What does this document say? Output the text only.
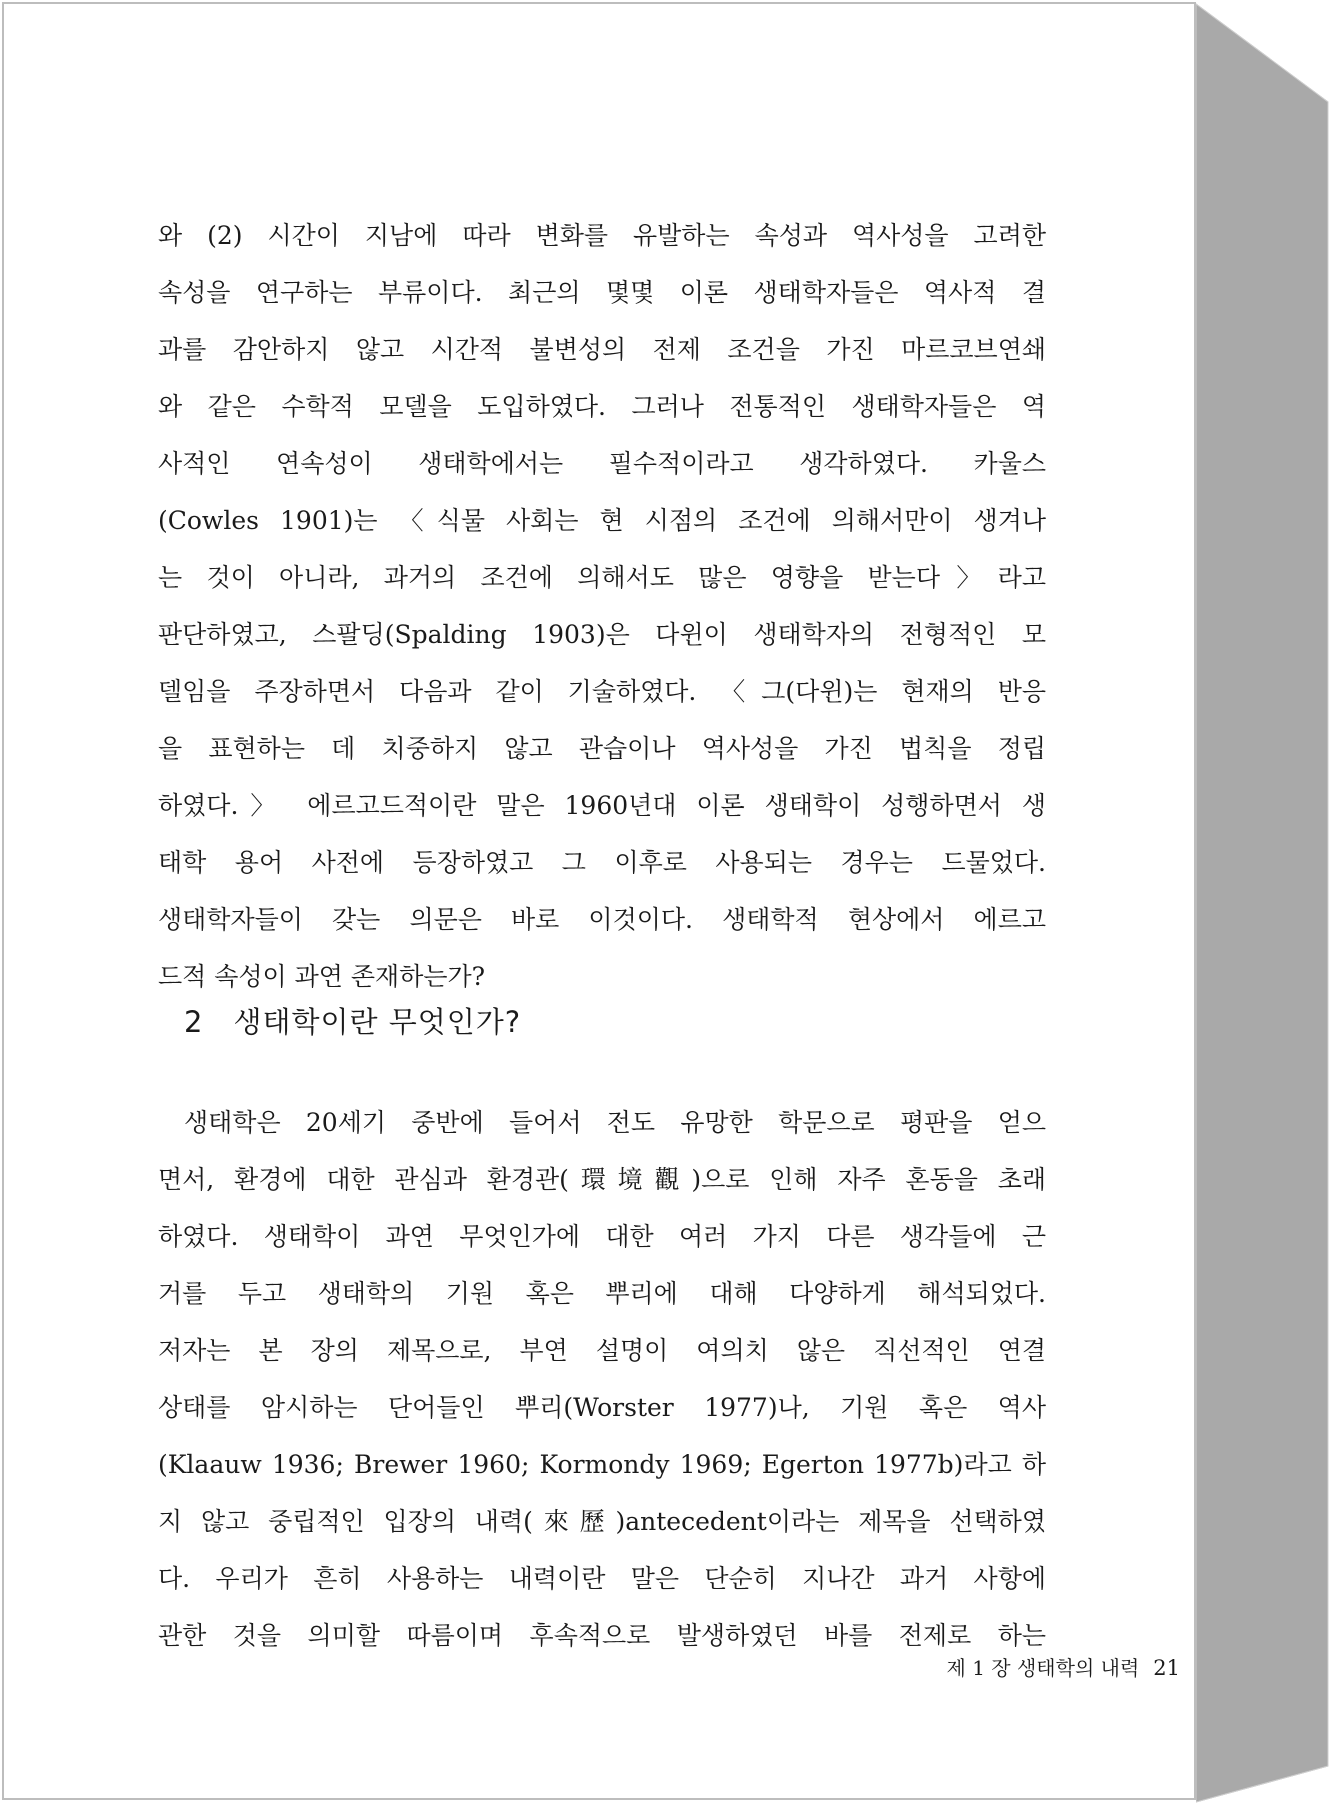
와 (2) 시간이 지남에 따라 변화를 유발하는 속성과 역사성을 고려한
속성을 연구하는 부류이다. 최근의 몇몇 이론 생태학자들은 역사적 결
과를 감안하지 않고 시간적 불변성의 전제 조건을 가진 마르코브연쇄
와 같은 수학적 모델을 도입하였다. 그러나 전통적인 생태학자들은 역
사적인 연속성이 생태학에서는 필수적이라고 생각하였다. 카울스
(Cowles 1901)는 〈식물 사회는 현 시점의 조건에 의해서만이 생겨나
는 것이 아니라, 과거의 조건에 의해서도 많은 영향을 받는다〉라고
판단하였고, 스팔딩(Spalding 1903)은 다윈이 생태학자의 전형적인 모
델임을 주장하면서 다음과 같이 기술하였다. 〈그(다윈)는 현재의 반응
을 표현하는 데 치중하지 않고 관습이나 역사성을 가진 법칙을 정립
하였다.〉 에르고드적이란 말은 1960년대 이론 생태학이 성행하면서 생
태학 용어 사전에 등장하였고 그 이후로 사용되는 경우는 드물었다.
생태학자들이 갖는 의문은 바로 이것이다. 생태학적 현상에서 에르고
드적 속성이 과연 존재하는가?
2 생태학이란 무엇인가?
생태학은 20세기 중반에 들어서 전도 유망한 학문으로 평판을 얻으
면서, 환경에 대한 관심과 환경관(環境觀)으로 인해 자주 혼동을 초래
하였다. 생태학이 과연 무엇인가에 대한 여러 가지 다른 생각들에 근
거를 두고 생태학의 기원 혹은 뿌리에 대해 다양하게 해석되었다.
저자는 본 장의 제목으로, 부연 설명이 여의치 않은 직선적인 연결
상태를 암시하는 단어들인 뿌리(Worster 1977)나, 기원 혹은 역사
(Klaauw 1936; Brewer 1960; Kormondy 1969; Egerton 1977b)라고 하
지 않고 중립적인 입장의 내력(來歷)antecedent이라는 제목을 선택하였
다. 우리가 흔히 사용하는 내력이란 말은 단순히 지나간 과거 사항에
관한 것을 의미할 따름이며 후속적으로 발생하였던 바를 전제로 하는
제 1 장 생태학의 내력 21
